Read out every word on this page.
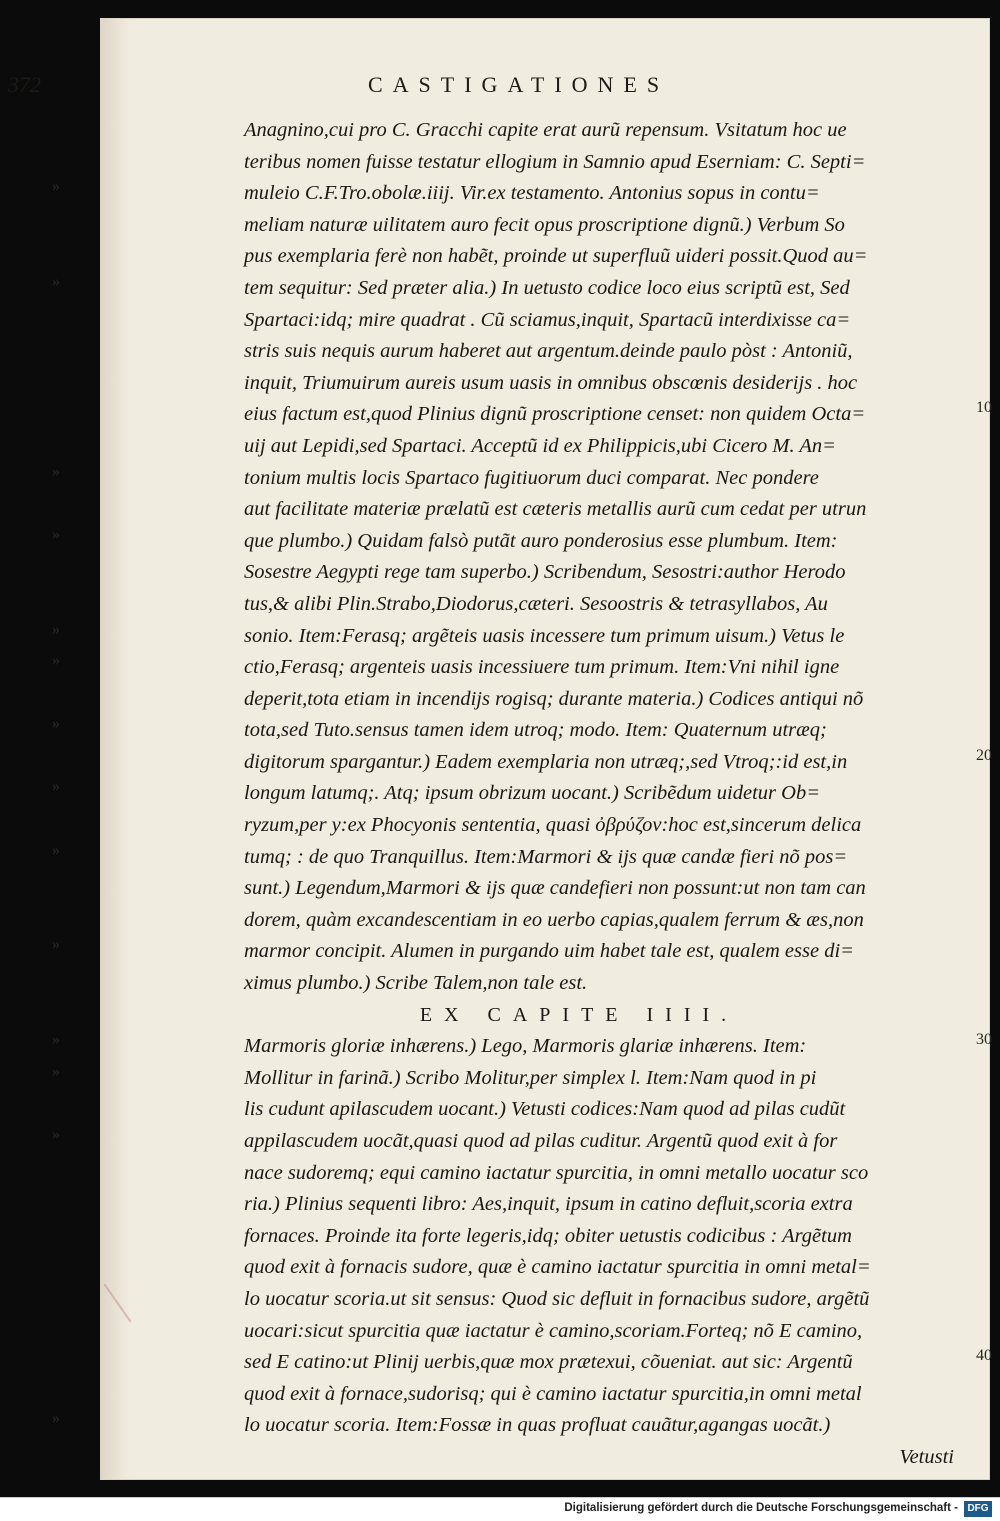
372	CASTIGATIONES
Anagnino,cui pro C. Gracchi capite erat aurũ repensum. Vsitatum hoc ue
teribus nomen fuisse testatur ellogium in Samnio apud Eserniam: C. Septi=
muleio C.F.Tro.obolæ.iiij. Vir.ex testamento. Antonius sopus in contu=
»
meliam naturæ uilitatem auro fecit opus proscriptione dignũ.) Verbum So
pus exemplaria ferè non habẽt, proinde ut superfluũ uideri possit.Quod au=
tem sequitur: Sed præter alia.) In uetusto codice loco eius scriptũ est, Sed
»
Spartaci:idq; mire quadrat . Cũ sciamus,inquit, Spartacũ interdixisse ca=
stris suis nequis aurum haberet aut argentum.deinde paulo pòst : Antoniũ,
inquit, Triumuirum aureis usum uasis in omnibus obscœnis desiderijs . hoc
eius factum est,quod Plinius dignũ proscriptione censet: non quidem Octa=	10
uij aut Lepidi,sed Spartaci. Acceptũ id ex Philippicis,ubi Cicero M. An=
tonium multis locis Spartaco fugitiuorum duci comparat. Nec pondere
»
aut facilitate materiæ prælatũ est cæteris metallis aurũ cum cedat per utrun
que plumbo.) Quidam falsò putãt auro ponderosius esse plumbum. Item:
»
Sosestre Aegypti rege tam superbo.) Scribendum, Sesostri:author Herodo
tus,& alibi Plin.Strabo,Diodorus,cæteri. Sesoostris & tetrasyllabos, Au
sonio. Item:Ferasq; argẽteis uasis incessere tum primum uisum.) Vetus le
»
ctio,Ferasq; argenteis uasis incessiuere tum primum. Item:Vni nihil igne
»
deperit,tota etiam in incendijs rogisq; durante materia.) Codices antiqui nõ
tota,sed Tuto.sensus tamen idem utroq; modo. Item: Quaternum utræq;
»
digitorum spargantur.) Eadem exemplaria non utræq;,sed Vtroq;:id est,in	20
longum latumq;. Atq; ipsum obrizum uocant.) Scribẽdum uidetur Ob=
»
ryzum,per y:ex Phocyonis sententia, quasi ὀβρύζον:hoc est,sincerum delica
tumq; : de quo Tranquillus. Item:Marmori & ijs quæ candæ fieri nõ pos=
»
sunt.) Legendum,Marmori & ijs quæ candefieri non possunt:ut non tam can
dorem, quàm excandescentiam in eo uerbo capias,qualem ferrum & æs,non
marmor concipit. Alumen in purgando uim habet tale est, qualem esse di=
»
ximus plumbo.) Scribe Talem,non tale est.
EX CAPITE IIII.
Marmoris gloriæ inhærens.) Lego, Marmoris glariæ inhærens. Item:
»	30
Mollitur in farinã.) Scribo Molitur,per simplex l. Item:Nam quod in pi
»
lis cudunt apilascudem uocant.) Vetusti codices:Nam quod ad pilas cudũt
appilascudem uocãt,quasi quod ad pilas cuditur. Argentũ quod exit à for
»
nace sudoremq; equi camino iactatur spurcitia, in omni metallo uocatur sco
ria.) Plinius sequenti libro: Aes,inquit, ipsum in catino defluit,scoria extra
fornaces. Proinde ita forte legeris,idq; obiter uetustis codicibus : Argẽtum
quod exit à fornacis sudore, quæ è camino iactatur spurcitia in omni metal=
lo uocatur scoria.ut sit sensus: Quod sic defluit in fornacibus sudore, argẽtũ
uocari:sicut spurcitia quæ iactatur è camino,scoriam.Forteq; nõ E camino,
sed E catino:ut Plinij uerbis,quæ mox prætexui, cõueniat. aut sic: Argentũ	40
quod exit à fornace,sudorisq; qui è camino iactatur spurcitia,in omni metal
lo uocatur scoria. Item:Fossæ in quas profluat cauãtur,agangas uocãt.)
»
Vetusti
Digitalisierung gefördert durch die Deutsche Forschungsgemeinschaft - DFG
